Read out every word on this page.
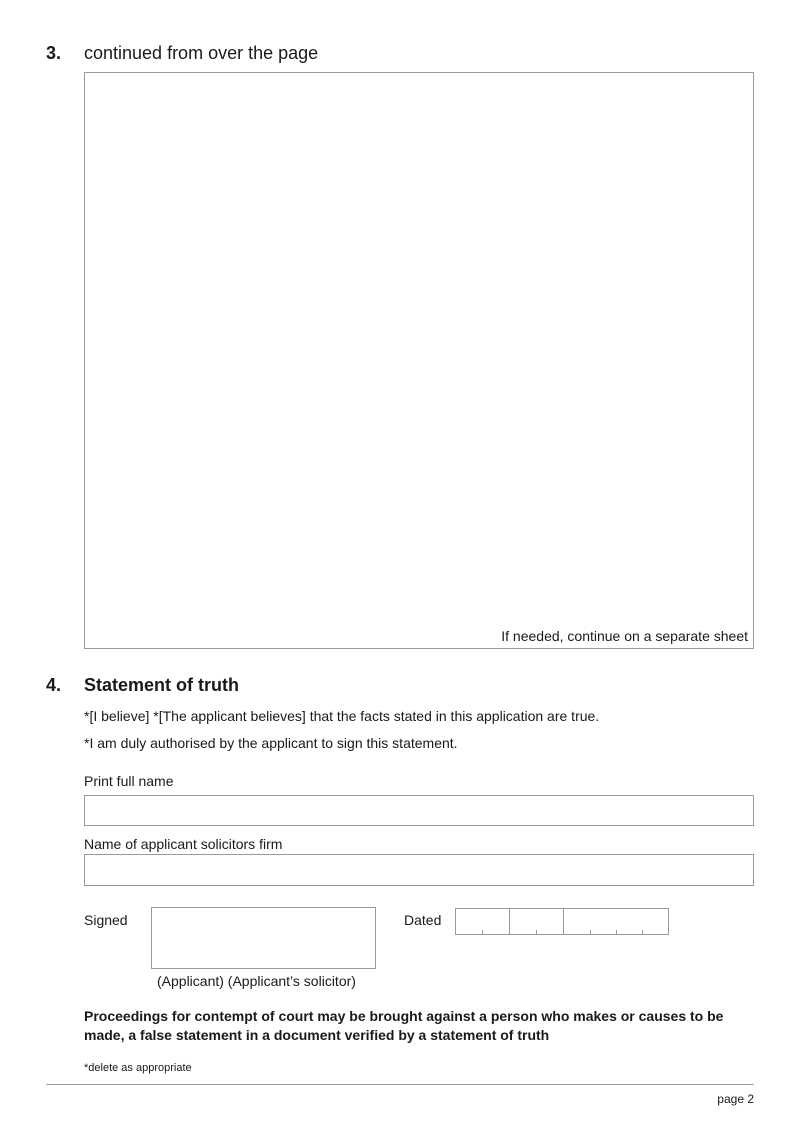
3. continued from over the page
If needed, continue on a separate sheet
4. Statement of truth
*[I believe] *[The applicant believes] that the facts stated in this application are true.
*I am duly authorised by the applicant to sign this statement.
Print full name
Name of applicant solicitors firm
Signed
(Applicant) (Applicant’s solicitor)
Dated
Proceedings for contempt of court may be brought against a person who makes or causes to be made, a false statement in a document verified by a statement of truth
*delete as appropriate
page 2
